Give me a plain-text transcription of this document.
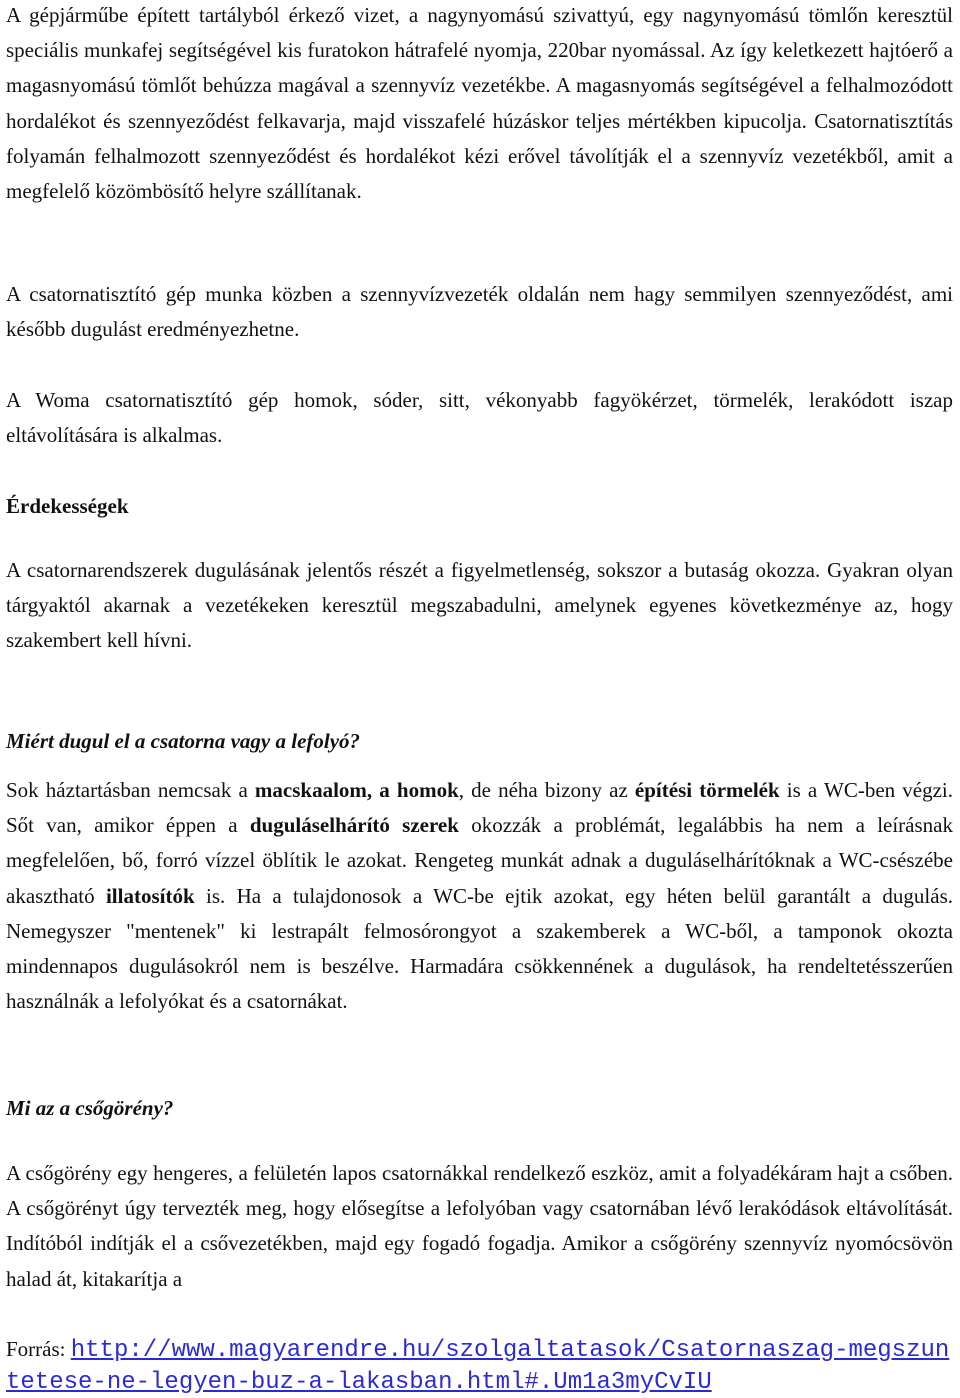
A gépjárműbe épített tartályból érkező vizet, a nagynyomású szivattyú, egy nagynyomású tömlőn keresztül speciális munkafej segítségével kis furatokon hátrafelé nyomja, 220bar nyomással. Az így keletkezett hajtóerő a magasnyomású tömlőt behúzza magával a szennyvíz vezetékbe. A magasnyomás segítségével a felhalmozódott hordalékot és szennyeződést felkavarja, majd visszafelé húzáskor teljes mértékben kipucolja. Csatornatisztítás folyamán felhalmozott szennyeződést és hordalékot kézi erővel távolítják el a szennyvíz vezetékből, amit a megfelelő közömbösítő helyre szállítanak.

A csatornatisztító gép munka közben a szennyvízvezeték oldalán nem hagy semmilyen szennyeződést, ami később dugulást eredményezhetne.

A Woma csatornatisztító gép homok, sóder, sitt, vékonyabb fagyökérzet, törmelék, lerakódott iszap eltávolítására is alkalmas.

Érdekességek

A csatornarendszerek dugulásának jelentős részét a figyelmetlenség, sokszor a butaság okozza. Gyakran olyan tárgyaktól akarnak a vezetékeken keresztül megszabadulni, amelynek egyenes következménye az, hogy szakembert kell hívni.

Miért dugul el a csatorna vagy a lefolyó?

Sok háztartásban nemcsak a macskaalom, a homok, de néha bizony az építési törmelék is a WC-ben végzi. Sőt van, amikor éppen a duguláselhárító szerek okozzák a problémát, legalábbis ha nem a leírásnak megfelelően, bő, forró vízzel öblítik le azokat. Rengeteg munkát adnak a duguláselhárítóknak a WC-csészébe akasztható illatosítók is. Ha a tulajdonosok a WC-be ejtik azokat, egy héten belül garantált a dugulás. Nemegyszer "mentenek" ki lestrapált felmosórongyot a szakemberek a WC-ből, a tamponok okozta mindennapos dugulásokról nem is beszélve. Harmadára csökkennének a dugulások, ha rendeltetésszerűen használnák a lefolyókat és a csatornákat.

Mi az a csőgörény?

A csőgörény egy hengeres, a felületén lapos csatornákkal rendelkező eszköz, amit a folyadékáram hajt a csőben. A csőgörényt úgy tervezték meg, hogy elősegítse a lefolyóban vagy csatornában lévő lerakódások eltávolítását. Indítóból indítják el a csővezetékben, majd egy fogadó fogadja. Amikor a csőgörény szennyvíz nyomócsövön halad át, kitakarítja a

Forrás: http://www.magyarendre.hu/szolgaltatasok/Csatornaszag-megszuntetese-ne-legyen-buz-a-lakasban.html#.Um1a3myCvIU
